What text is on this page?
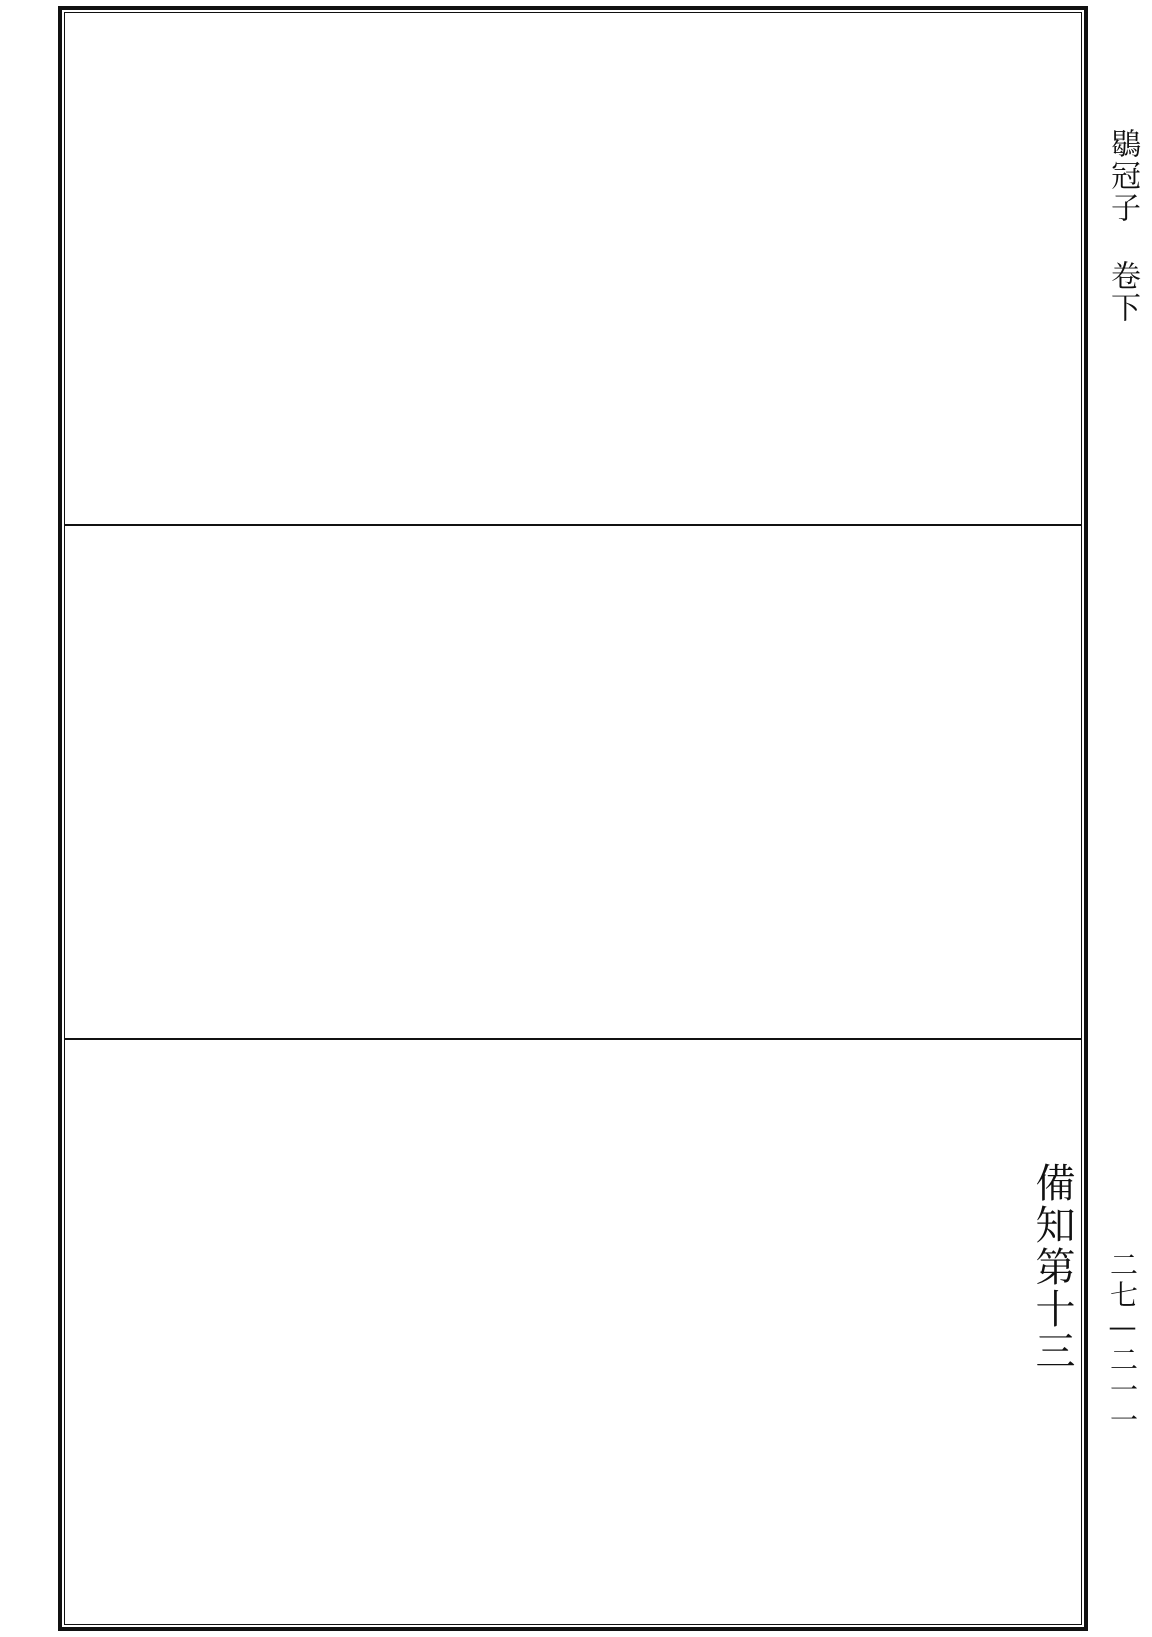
鶡冠子
卷下
二七—二一一
備知第十三
